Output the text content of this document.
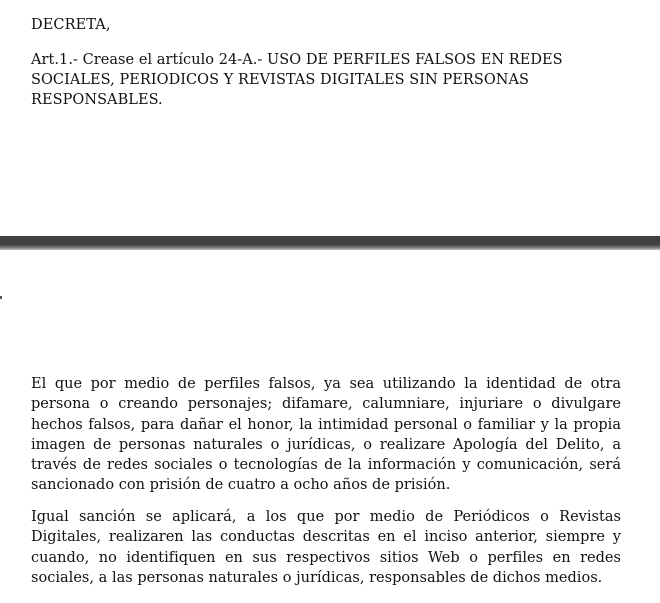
DECRETA,
Art.1.- Crease el artículo 24-A.- USO DE PERFILES FALSOS EN REDES SOCIALES, PERIODICOS Y REVISTAS DIGITALES SIN PERSONAS RESPONSABLES.
El que por medio de perfiles falsos, ya sea utilizando la identidad de otra persona o creando personajes; difamare, calumniare, injuriare o divulgare hechos falsos, para dañar el honor, la intimidad personal o familiar y la propia imagen de personas naturales o jurídicas, o realizare Apología del Delito, a través de redes sociales o tecnologías de la información y comunicación, será sancionado con prisión de cuatro a ocho años de prisión.
Igual sanción se aplicará, a los que por medio de Periódicos o Revistas Digitales, realizaren las conductas descritas en el inciso anterior, siempre y cuando, no identifiquen en sus respectivos sitios Web o perfiles en redes sociales, a las personas naturales o jurídicas, responsables de dichos medios.
